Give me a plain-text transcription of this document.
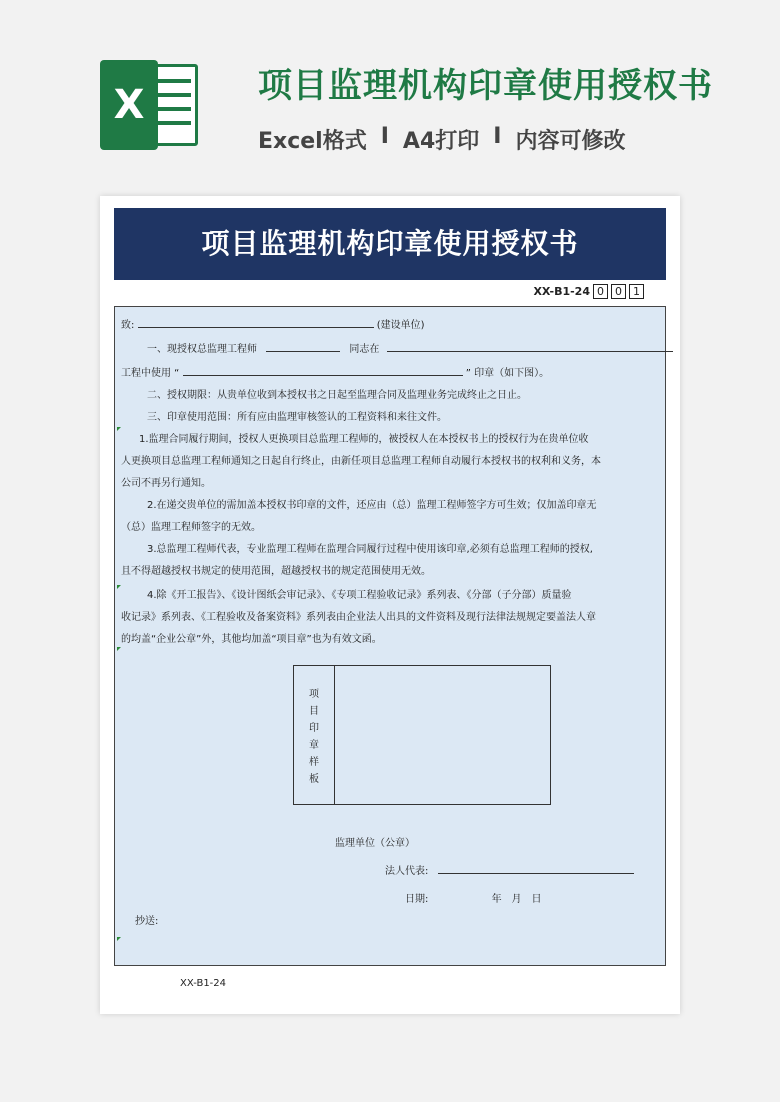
X	项目监理机构印章使用授权书
Excel格式 I A4打印 I 内容可修改
项目监理机构印章使用授权书
XX-B1-24 0	0	1
致:	(建设单位)
一、现授权总监理工程师	同志在
工程中使用 “	” 印章（如下图）。
二、授权期限：从贵单位收到本授权书之日起至监理合同及监理业务完成终止之日止。
三、印章使用范围：所有应由监理审核签认的工程资料和来往文件。
1.监理合同履行期间，授权人更换项目总监理工程师的，被授权人在本授权书上的授权行为在贵单位收
人更换项目总监理工程师通知之日起自行终止，由新任项目总监理工程师自动履行本授权书的权利和义务，本
公司不再另行通知。
2.在递交贵单位的需加盖本授权书印章的文件，还应由（总）监理工程师签字方可生效；仅加盖印章无
（总）监理工程师签字的无效。
3.总监理工程师代表，专业监理工程师在监理合同履行过程中使用该印章,必须有总监理工程师的授权,
且不得超越授权书规定的使用范围，超越授权书的规定范围使用无效。
4.除《开工报告》、《设计图纸会审记录》、《专项工程验收记录》系列表、《分部（子分部）质量验
收记录》系列表、《工程验收及备案资料》系列表由企业法人出具的文件资料及现行法律法规规定要盖法人章
的均盖“企业公章”外，其他均加盖“项目章”也为有效文函。
项
目
印
章
样
板
监理单位（公章）
法人代表:
日期:	年　月　日
抄送:
XX-B1-24
